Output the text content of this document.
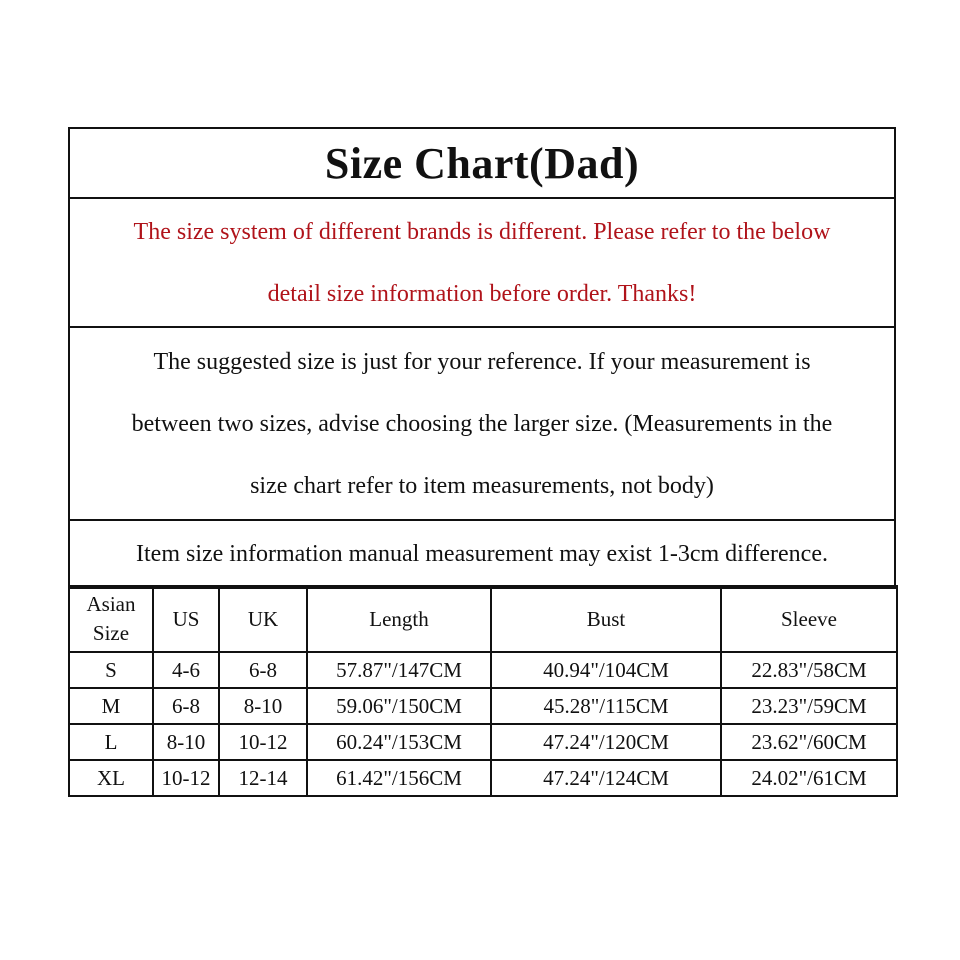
Size Chart(Dad)
The size system of different brands is different. Please refer to the below
detail size information before order. Thanks!
The suggested size is just for your reference. If your measurement is
between two sizes, advise choosing the larger size. (Measurements in the
size chart refer to item measurements, not body)
Item size information manual measurement may exist 1-3cm difference.
Asian
Size	US	UK	Length	Bust	Sleeve
S	4-6	6-8	57.87"/147CM	40.94"/104CM	22.83"/58CM
M	6-8	8-10	59.06"/150CM	45.28"/115CM	23.23"/59CM
L	8-10	10-12	60.24"/153CM	47.24"/120CM	23.62"/60CM
XL	10-12	12-14	61.42"/156CM	47.24"/124CM	24.02"/61CM
